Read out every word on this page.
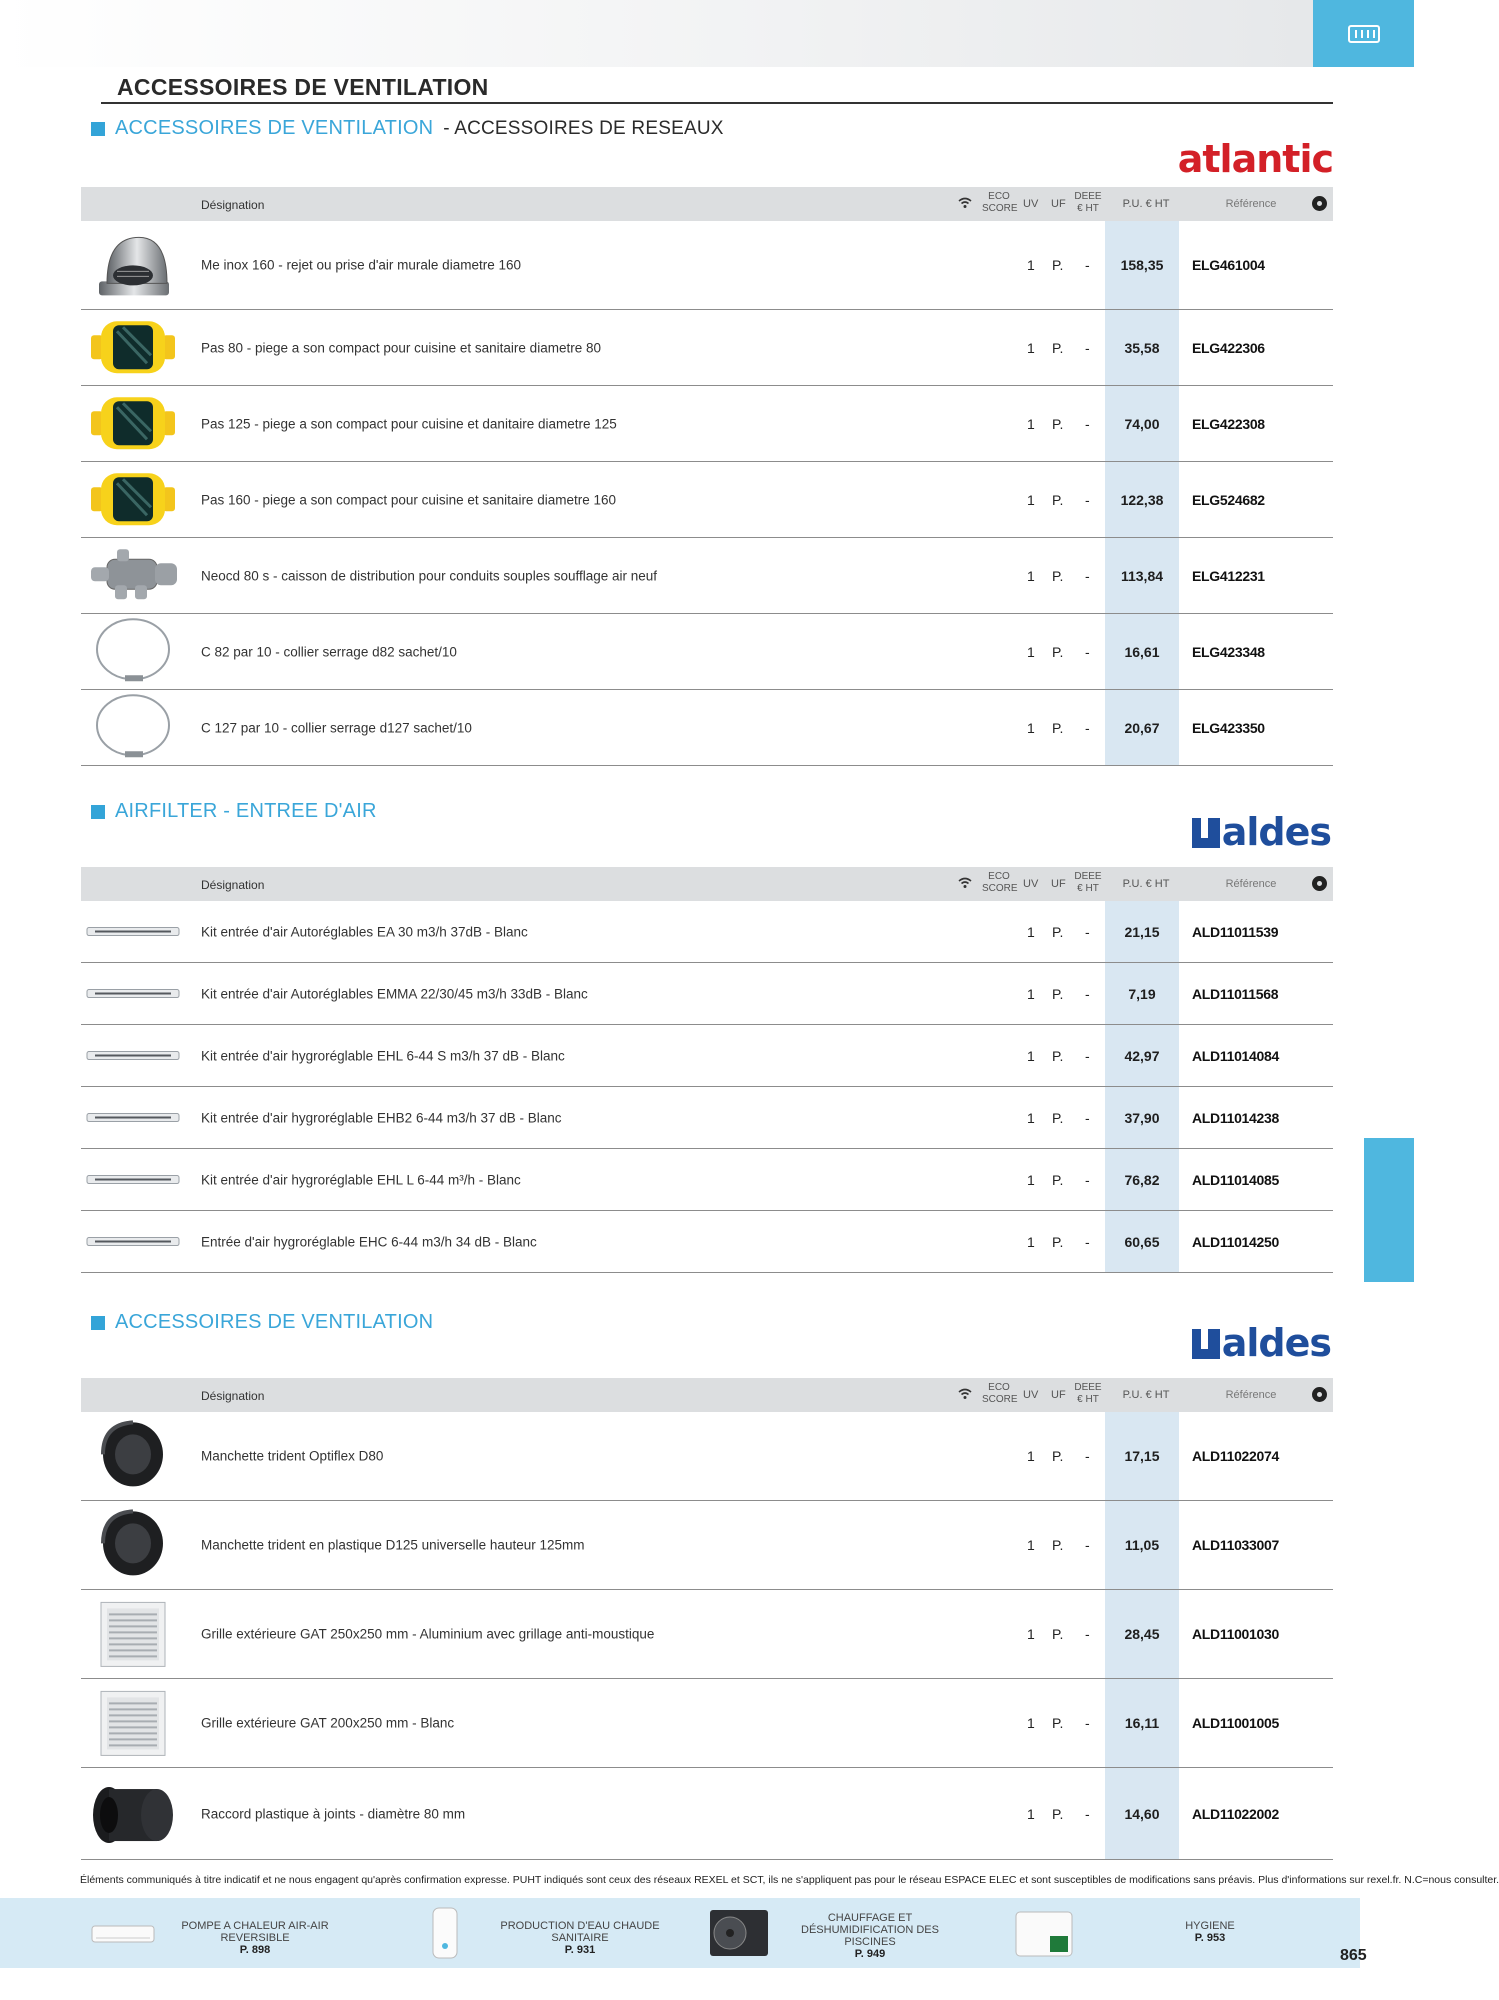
ACCESSOIRES DE VENTILATION
ACCESSOIRES DE VENTILATION - ACCESSOIRES DE RESEAUX
atlantic
Désignation
ECO SCORE UV UF
DEEE € HT	P.U. € HT	Référence
Me inox 160 - rejet ou prise d'air murale diametre 160	1 P. -	158,35	ELG461004
Pas 80 - piege a son compact pour cuisine et sanitaire diametre 80	1 P. -	35,58	ELG422306
Pas 125 - piege a son compact pour cuisine et danitaire diametre 125	1 P. -	74,00	ELG422308
Pas 160 - piege a son compact pour cuisine et sanitaire diametre 160	1 P. -	122,38	ELG524682
Neocd 80 s - caisson de distribution pour conduits souples soufflage air neuf	1 P. -	113,84	ELG412231
C 82 par 10 - collier serrage d82 sachet/10	1 P. -	16,61	ELG423348
C 127 par 10 - collier serrage d127 sachet/10	1 P. -	20,67	ELG423350
AIRFILTER - ENTREE D'AIR	aldes
Désignation
ECO SCORE UV UF
DEEE € HT	P.U. € HT	Référence
Kit entrée d'air Autoréglables EA 30 m3/h 37dB - Blanc	1 P. -	21,15	ALD11011539
Kit entrée d'air Autoréglables EMMA 22/30/45 m3/h 33dB - Blanc	1 P. -	7,19	ALD11011568
Kit entrée d'air hygroréglable EHL 6-44 S m3/h 37 dB - Blanc	1 P. -	42,97	ALD11014084
Kit entrée d'air hygroréglable EHB2 6-44 m3/h 37 dB - Blanc	1 P. -	37,90	ALD11014238
Kit entrée d'air hygroréglable EHL L 6-44 m³/h - Blanc	1 P. -	76,82	ALD11014085
Entrée d'air hygroréglable EHC 6-44 m3/h 34 dB - Blanc	1 P. -	60,65	ALD11014250
ACCESSOIRES DE VENTILATION	aldes
Désignation
ECO SCORE UV UF
DEEE € HT	P.U. € HT	Référence
Manchette trident Optiflex D80	1 P. -	17,15	ALD11022074
Manchette trident en plastique D125 universelle hauteur 125mm	1 P. -	11,05	ALD11033007
Grille extérieure GAT 250x250 mm - Aluminium avec grillage anti-moustique	1 P. -	28,45	ALD11001030
Grille extérieure GAT 200x250 mm - Blanc	1 P. -	16,11	ALD11001005
Raccord plastique à joints - diamètre 80 mm	1 P. -	14,60	ALD11022002
Éléments communiqués à titre indicatif et ne nous engagent qu'après confirmation expresse. PUHT indiqués sont ceux des réseaux REXEL et SCT, ils ne s'appliquent pas pour le réseau ESPACE ELEC et sont susceptibles de modifications sans préavis. Plus d'informations sur rexel.fr. N.C=nous consulter.
POMPE A CHALEUR AIR-AIR REVERSIBLE
P. 898
PRODUCTION D'EAU CHAUDE SANITAIRE
P. 931
CHAUFFAGE ET DÉSHUMIDIFICATION DES PISCINES
P. 949
HYGIENE
P. 953
865
